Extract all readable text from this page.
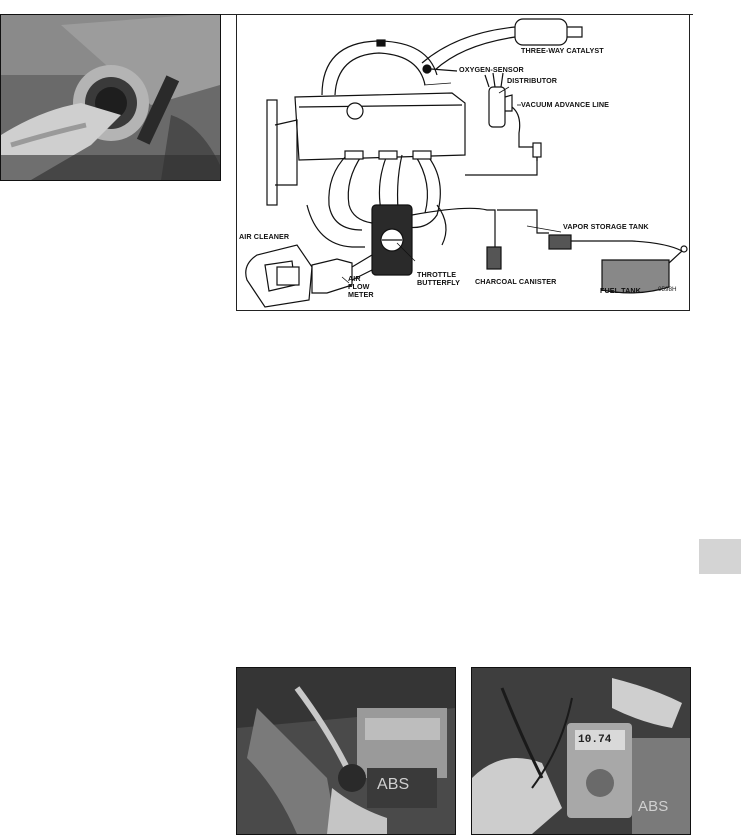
THREE-WAY CATALYST
OXYGEN-SENSOR
DISTRIBUTOR
VACUUM ADVANCE LINE
VAPOR STORAGE TANK
AIR CLEANER
AIR
FLOW
METER
THROTTLE
BUTTERFLY CHARCOAL CANISTER
FUEL TANK	0598H
ABS
10.74
ABS
